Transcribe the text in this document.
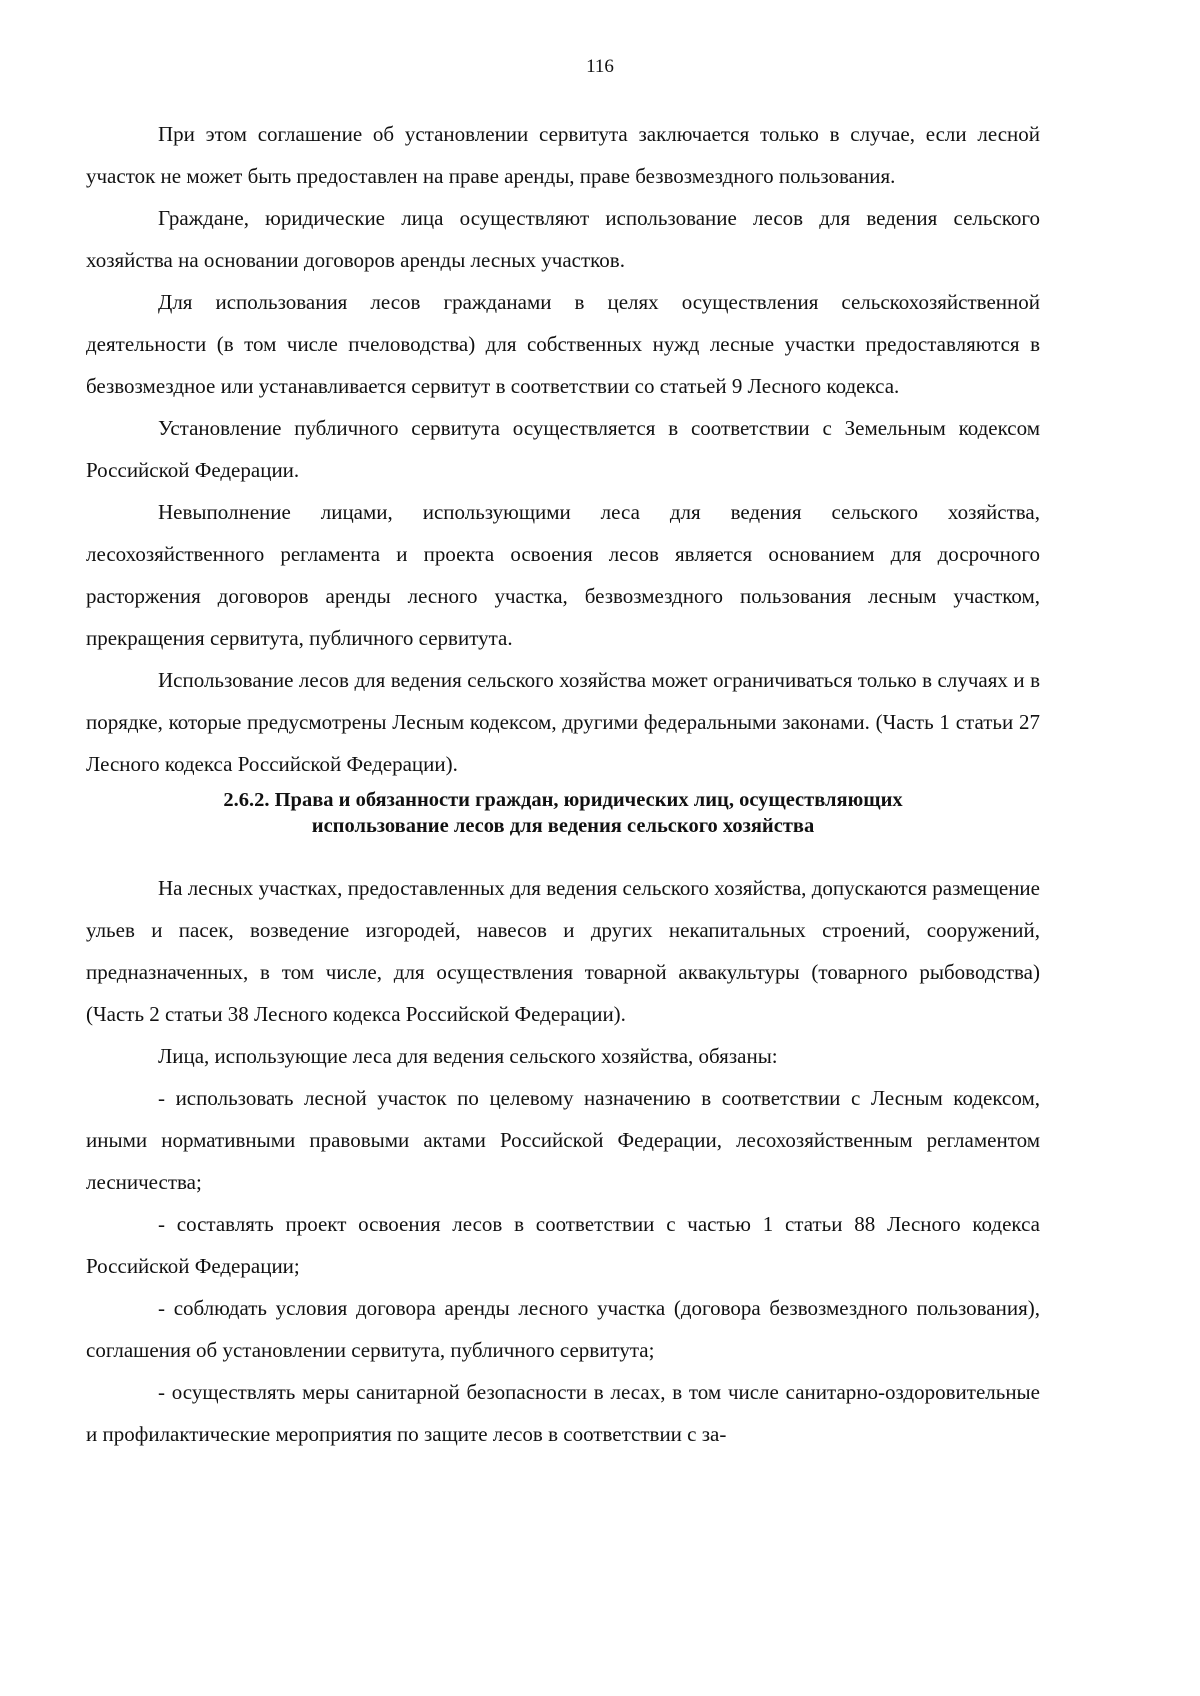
116

При этом соглашение об установлении сервитута заключается только в случае, если лесной участок не может быть предоставлен на праве аренды, праве безвозмездного пользования.

Граждане, юридические лица осуществляют использование лесов для ведения сельского хозяйства на основании договоров аренды лесных участков.

Для использования лесов гражданами в целях осуществления сельскохозяйственной деятельности (в том числе пчеловодства) для собственных нужд лесные участки предоставляются в безвозмездное или устанавливается сервитут в соответствии со статьей 9 Лесного кодекса.

Установление публичного сервитута осуществляется в соответствии с Земельным кодексом Российской Федерации.

Невыполнение лицами, использующими леса для ведения сельского хозяйства, лесохозяйственного регламента и проекта освоения лесов является основанием для досрочного расторжения договоров аренды лесного участка, безвозмездного пользования лесным участком, прекращения сервитута, публичного сервитута.

Использование лесов для ведения сельского хозяйства может ограничиваться только в случаях и в порядке, которые предусмотрены Лесным кодексом, другими федеральными законами. (Часть 1 статьи 27 Лесного кодекса Российской Федерации).

2.6.2. Права и обязанности граждан, юридических лиц, осуществляющих
использование лесов для ведения сельского хозяйства

На лесных участках, предоставленных для ведения сельского хозяйства, допускаются размещение ульев и пасек, возведение изгородей, навесов и других некапитальных строений, сооружений, предназначенных, в том числе, для осуществления товарной аквакультуры (товарного рыбоводства) (Часть 2 статьи 38 Лесного кодекса Российской Федерации).

Лица, использующие леса для ведения сельского хозяйства, обязаны:

- использовать лесной участок по целевому назначению в соответствии с Лесным кодексом, иными нормативными правовыми актами Российской Федерации, лесохозяйственным регламентом лесничества;

- составлять проект освоения лесов в соответствии с частью 1 статьи 88 Лесного кодекса Российской Федерации;

- соблюдать условия договора аренды лесного участка (договора безвозмездного пользования), соглашения об установлении сервитута, публичного сервитута;

- осуществлять меры санитарной безопасности в лесах, в том числе санитарно-оздоровительные и профилактические мероприятия по защите лесов в соответствии с за-
